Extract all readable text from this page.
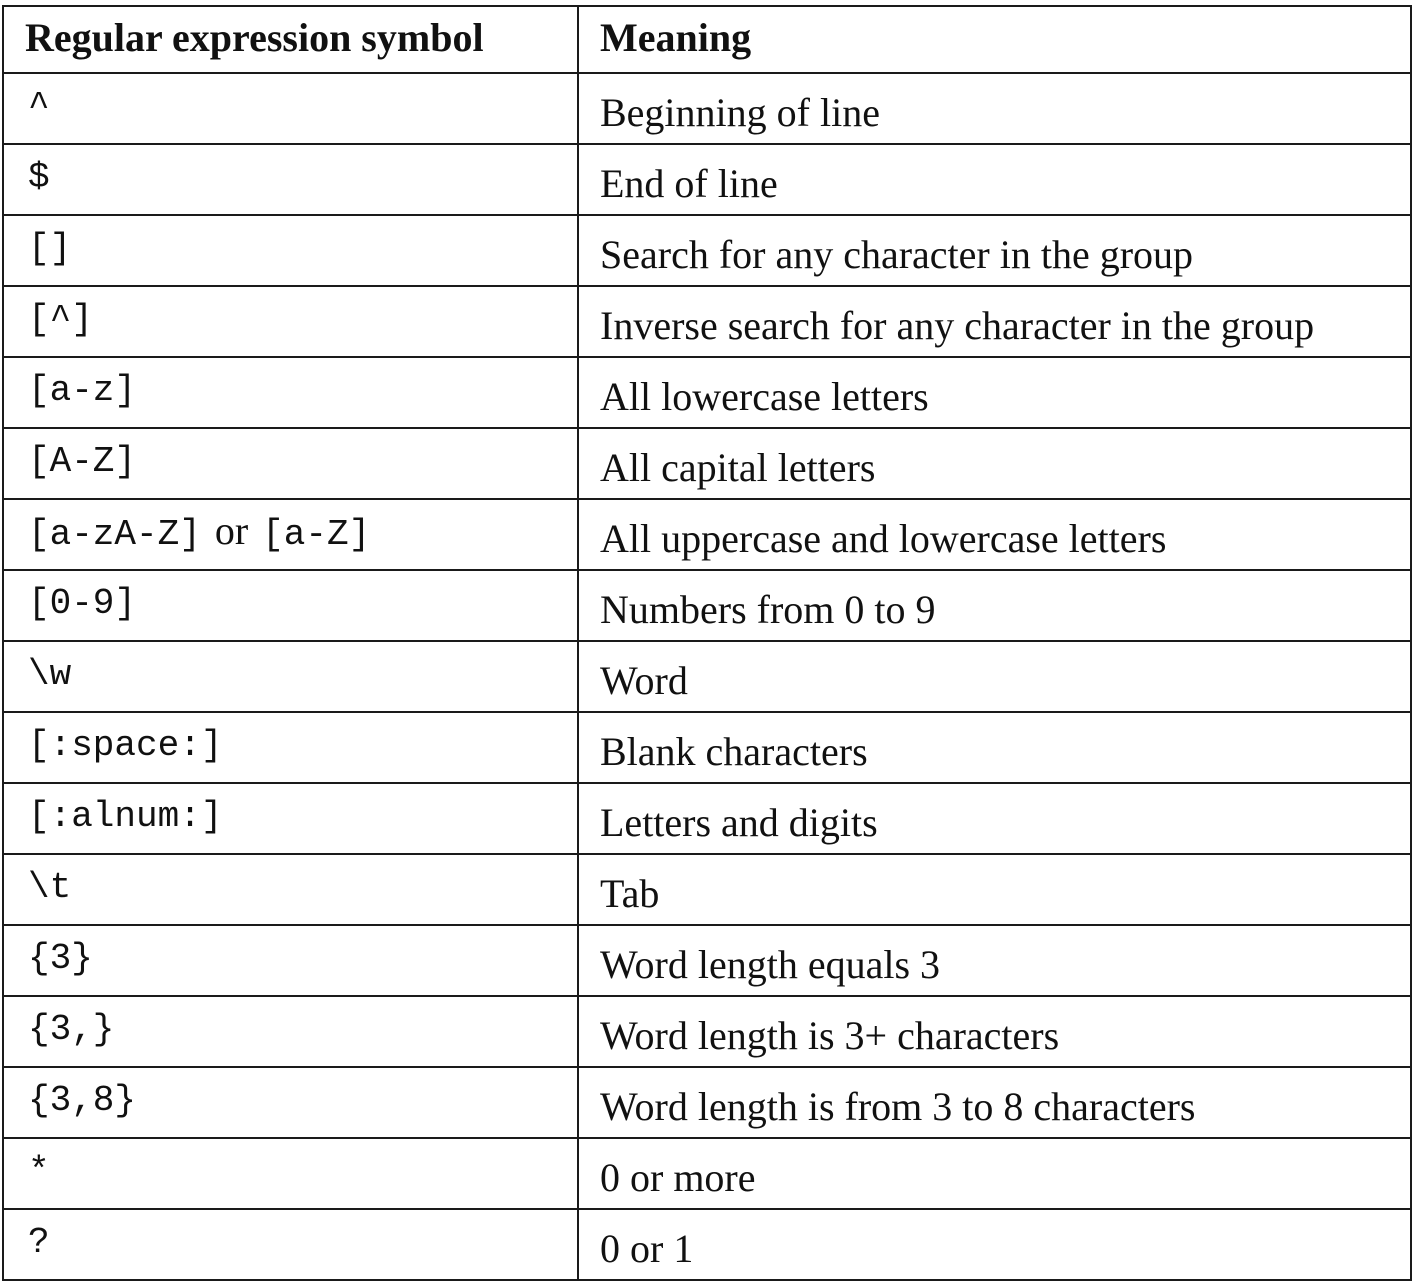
Regular expression symbol	Meaning
^	Beginning of line
$	End of line
[]	Search for any character in the group
[^]	Inverse search for any character in the group
[a-z]	All lowercase letters
[A-Z]	All capital letters
[a-zA-Z] or [a-Z]	All uppercase and lowercase letters
[0-9]	Numbers from 0 to 9
\w	Word
[:space:]	Blank characters
[:alnum:]	Letters and digits
\t	Tab
{3}	Word length equals 3
{3,}	Word length is 3+ characters
{3,8}	Word length is from 3 to 8 characters
*	0 or more
?	0 or 1
